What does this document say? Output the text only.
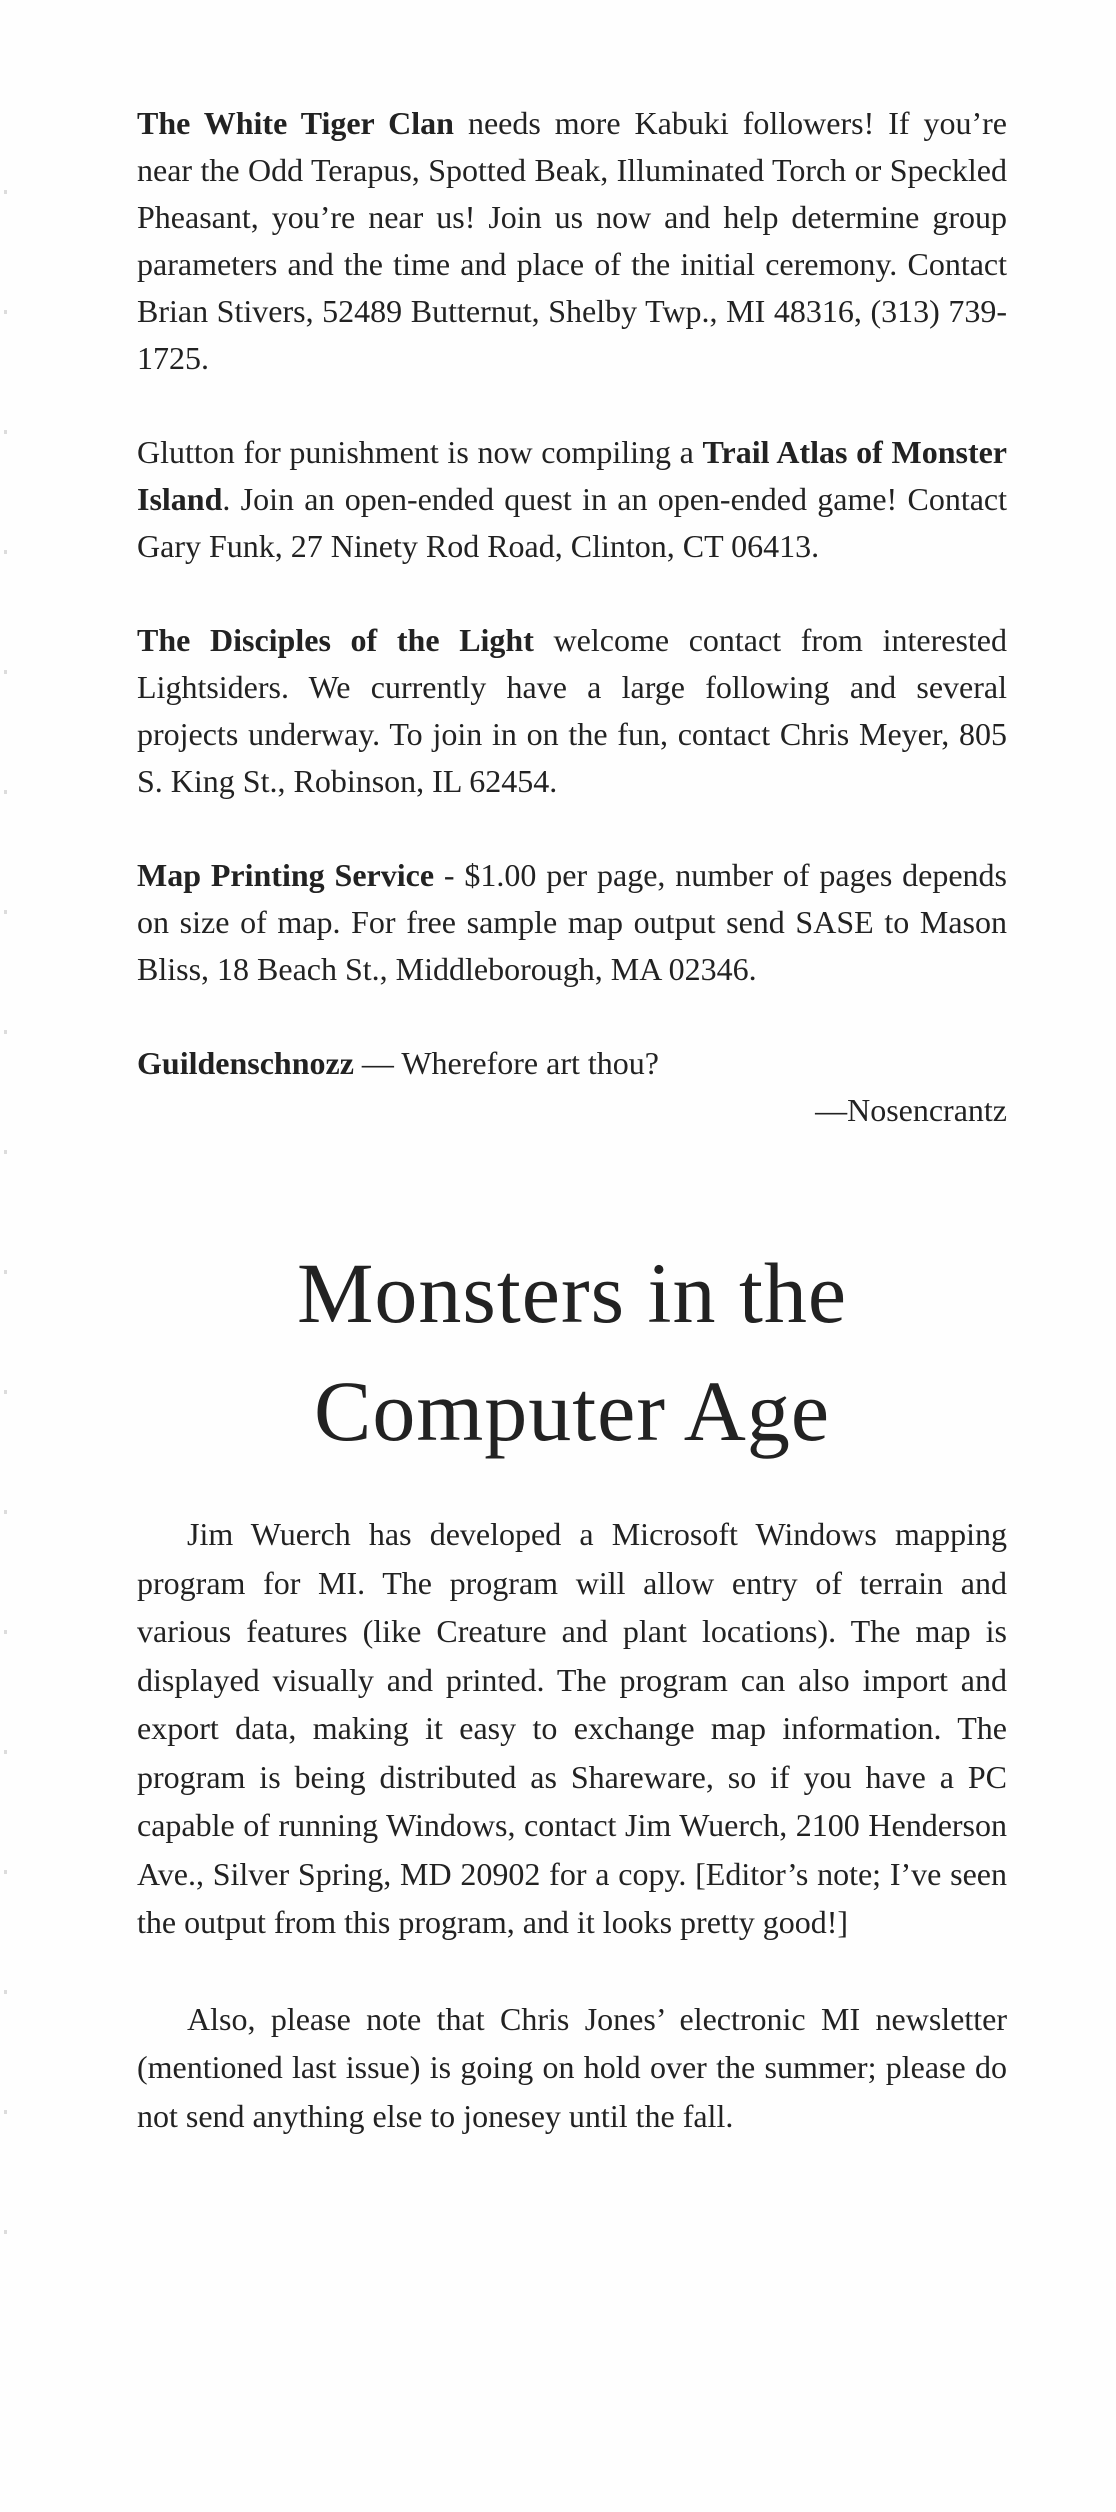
The White Tiger Clan needs more Kabuki followers! If you’re near the Odd Terapus, Spotted Beak, Illuminated Torch or Speckled Pheasant, you’re near us! Join us now and help determine group parameters and the time and place of the initial ceremony. Contact Brian Stivers, 52489 Butternut, Shelby Twp., MI 48316, (313) 739-1725.

Glutton for punishment is now compiling a Trail Atlas of Monster Island. Join an open-ended quest in an open-ended game! Contact Gary Funk, 27 Ninety Rod Road, Clinton, CT 06413.

The Disciples of the Light welcome contact from interested Lightsiders. We currently have a large following and several projects underway. To join in on the fun, contact Chris Meyer, 805 S. King St., Robinson, IL 62454.

Map Printing Service - $1.00 per page, number of pages depends on size of map. For free sample map output send SASE to Mason Bliss, 18 Beach St., Middleborough, MA 02346.

Guildenschnozz — Wherefore art thou?

—Nosencrantz

Monsters in the
Computer Age

Jim Wuerch has developed a Microsoft Windows mapping program for MI. The program will allow entry of terrain and various features (like Creature and plant locations). The map is displayed visually and printed. The program can also import and export data, making it easy to exchange map information. The program is being distributed as Shareware, so if you have a PC capable of running Windows, contact Jim Wuerch, 2100 Henderson Ave., Silver Spring, MD 20902 for a copy. [Editor’s note; I’ve seen the output from this program, and it looks pretty good!]

Also, please note that Chris Jones’ electronic MI newsletter (mentioned last issue) is going on hold over the summer; please do not send anything else to jonesey until the fall.
